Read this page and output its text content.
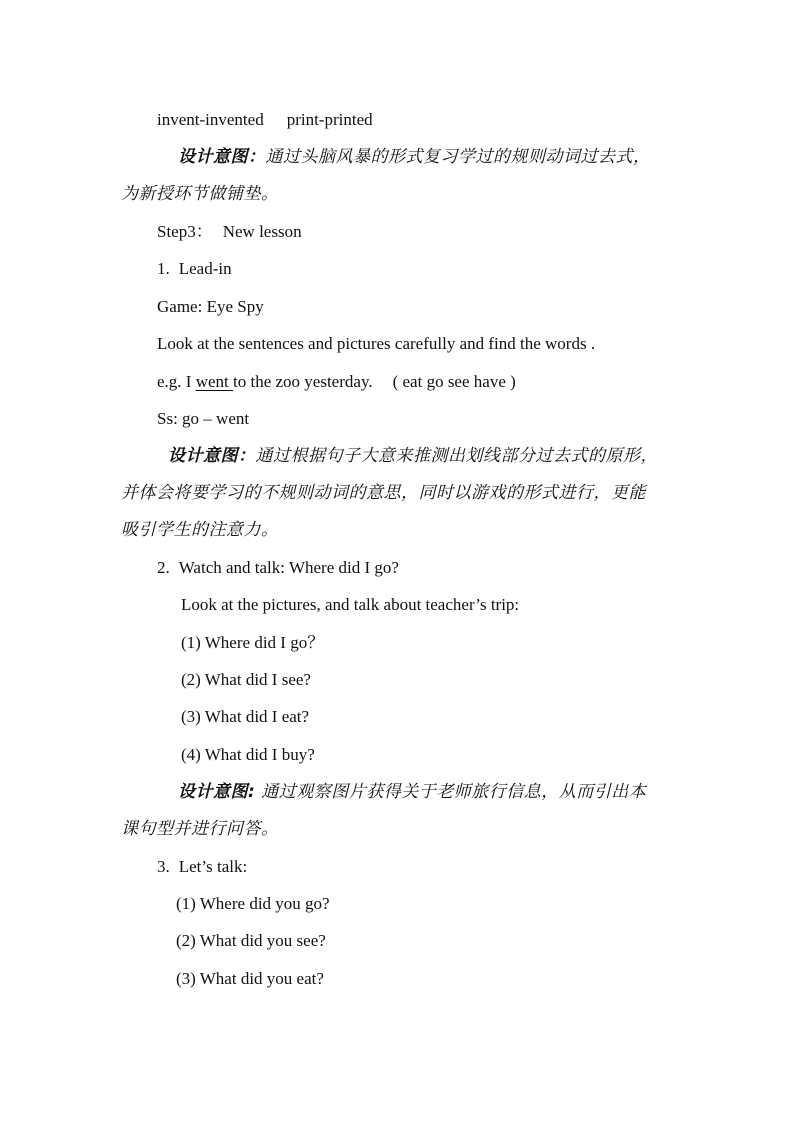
invent-invented print-printed
设计意图：通过头脑风暴的形式复习学过的规则动词过去式，
为新授环节做铺垫。
Step3： New lesson
1. Lead-in
Game: Eye Spy
Look at the sentences and pictures carefully and find the words .
e.g. I went to the zoo yesterday. ( eat go see have )
Ss: go – went
设计意图：通过根据句子大意来推测出划线部分过去式的原形，
并体会将要学习的不规则动词的意思，同时以游戏的形式进行，更能
吸引学生的注意力。
2. Watch and talk: Where did I go?
Look at the pictures, and talk about teacher’s trip:
(1) Where did I go？
(2) What did I see?
(3) What did I eat?
(4) What did I buy?
设计意图: 通过观察图片获得关于老师旅行信息，从而引出本
课句型并进行问答。
3. Let’s talk:
(1) Where did you go?
(2) What did you see?
(3) What did you eat?
